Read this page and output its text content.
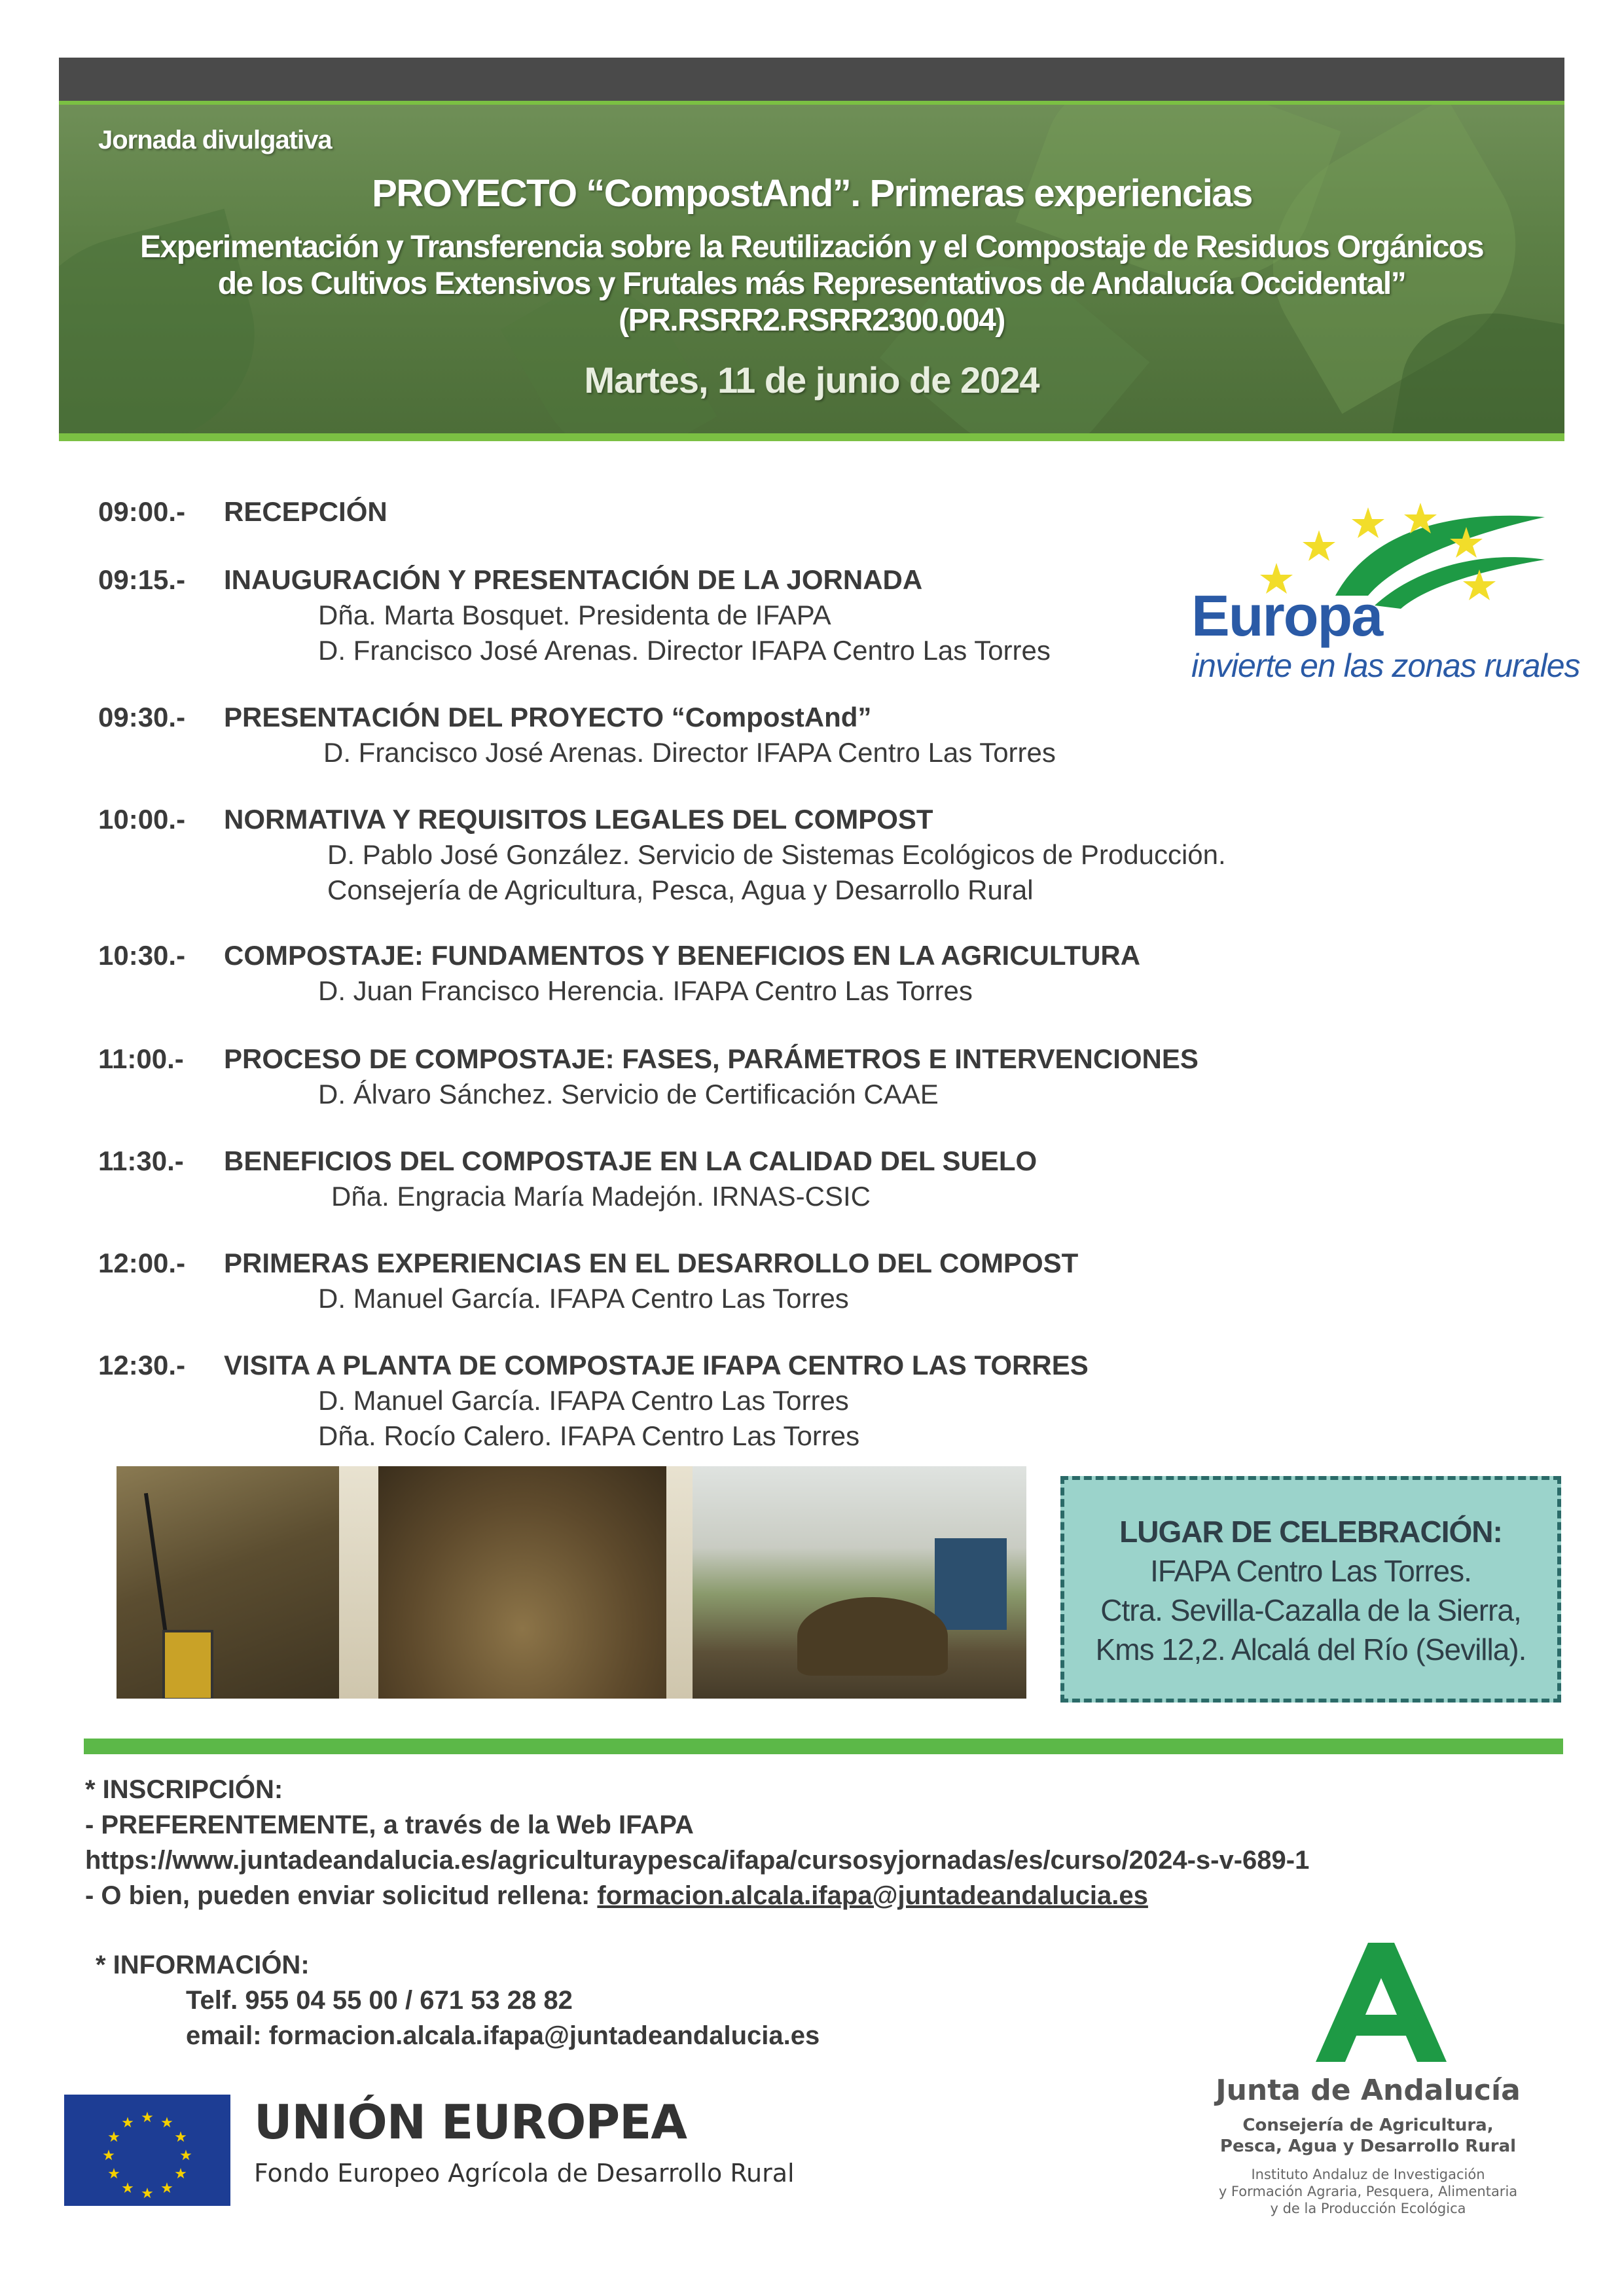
Jornada divulgativa
PROYECTO “CompostAnd”. Primeras experiencias
Experimentación y Transferencia sobre la Reutilización y el Compostaje de Residuos Orgánicos
de los Cultivos Extensivos y Frutales más Representativos de Andalucía Occidental”
(PR.RSRR2.RSRR2300.004)
Martes, 11 de junio de 2024
09:00.- RECEPCIÓN
09:15.- INAUGURACIÓN Y PRESENTACIÓN DE LA JORNADA
Dña. Marta Bosquet. Presidenta de IFAPA
D. Francisco José Arenas. Director IFAPA Centro Las Torres
09:30.- PRESENTACIÓN DEL PROYECTO “CompostAnd”
D. Francisco José Arenas. Director IFAPA Centro Las Torres
10:00.- NORMATIVA Y REQUISITOS LEGALES DEL COMPOST
D. Pablo José González. Servicio de Sistemas Ecológicos de Producción.
Consejería de Agricultura, Pesca, Agua y Desarrollo Rural
10:30.- COMPOSTAJE: FUNDAMENTOS Y BENEFICIOS EN LA AGRICULTURA
D. Juan Francisco Herencia. IFAPA Centro Las Torres
11:00.- PROCESO DE COMPOSTAJE: FASES, PARÁMETROS E INTERVENCIONES
D. Álvaro Sánchez. Servicio de Certificación CAAE
11:30.- BENEFICIOS DEL COMPOSTAJE EN LA CALIDAD DEL SUELO
Dña. Engracia María Madejón. IRNAS-CSIC
12:00.- PRIMERAS EXPERIENCIAS EN EL DESARROLLO DEL COMPOST
D. Manuel García. IFAPA Centro Las Torres
12:30.- VISITA A PLANTA DE COMPOSTAJE IFAPA CENTRO LAS TORRES
D. Manuel García. IFAPA Centro Las Torres
Dña. Rocío Calero. IFAPA Centro Las Torres
Europa
invierte en las zonas rurales
LUGAR DE CELEBRACIÓN:
IFAPA Centro Las Torres.
Ctra. Sevilla-Cazalla de la Sierra,
Kms 12,2. Alcalá del Río (Sevilla).
* INSCRIPCIÓN:
- PREFERENTEMENTE, a través de la Web IFAPA
https://www.juntadeandalucia.es/agriculturaypesca/ifapa/cursosyjornadas/es/curso/2024-s-v-689-1
- O bien, pueden enviar solicitud rellena: formacion.alcala.ifapa@juntadeandalucia.es
* INFORMACIÓN:
Telf. 955 04 55 00 / 671 53 28 82
email: formacion.alcala.ifapa@juntadeandalucia.es
★ ★
★
★
★
★
★
★
★
★
★
★	UNIÓN EUROPEA
Fondo Europeo Agrícola de Desarrollo Rural
Junta de Andalucía
Consejería de Agricultura,
Pesca, Agua y Desarrollo Rural
Instituto Andaluz de Investigación
y Formación Agraria, Pesquera, Alimentaria
y de la Producción Ecológica
